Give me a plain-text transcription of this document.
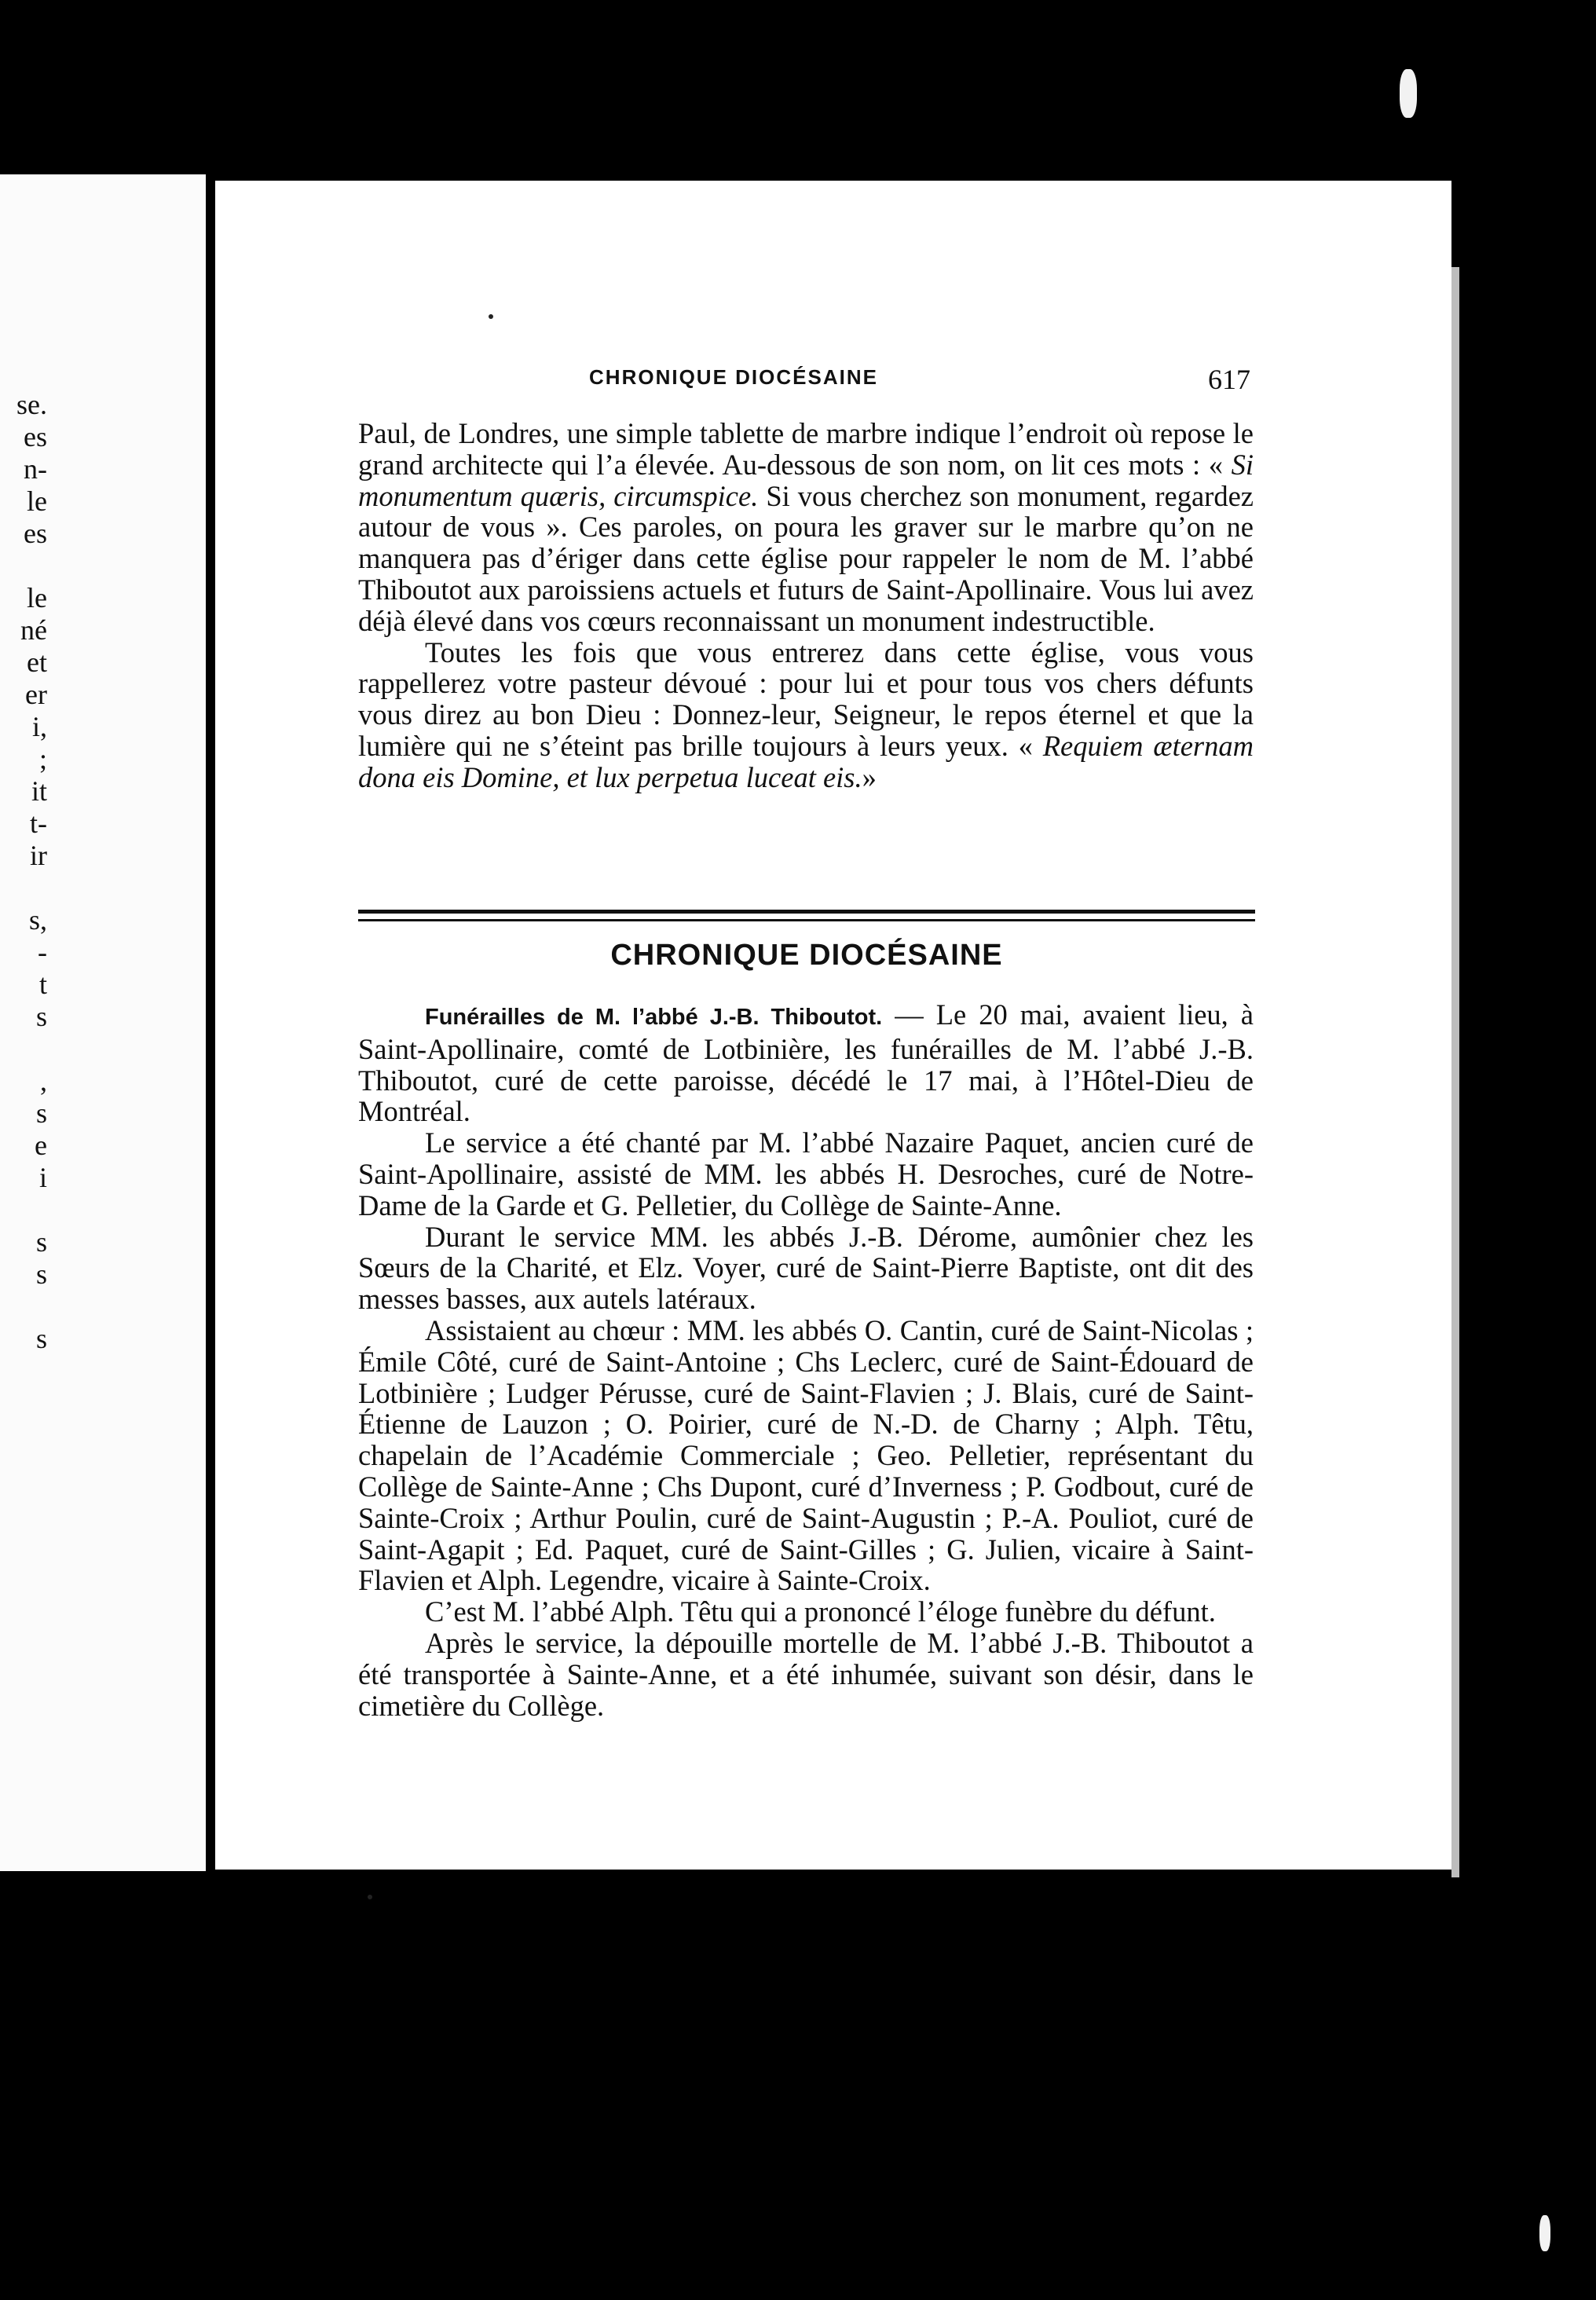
se.
es
n-
le
es
le
né
et
er
i,
;
it
t-
ir
s,
-
t
s
,
s
e
i
s
s
s
CHRONIQUE DIOCÉSAINE	617

Paul, de Londres, une simple tablette de marbre indique l’endroit où repose le grand architecte qui l’a élevée. Au-dessous de son nom, on lit ces mots : « Si monumentum quæris, circumspice. Si vous cherchez son monument, regardez autour de vous ». Ces paroles, on poura les graver sur le marbre qu’on ne manquera pas d’ériger dans cette église pour rappeler le nom de M. l’abbé Thiboutot aux paroissiens actuels et futurs de Saint-Apollinaire. Vous lui avez déjà élevé dans vos cœurs reconnaissant un monument indestructible.

Toutes les fois que vous entrerez dans cette église, vous vous rappellerez votre pasteur dévoué : pour lui et pour tous vos chers défunts vous direz au bon Dieu : Donnez-leur, Seigneur, le repos éternel et que la lumière qui ne s’éteint pas brille toujours à leurs yeux. « Requiem æternam dona eis Domine, et lux perpetua luceat eis.»

CHRONIQUE DIOCÉSAINE

Funérailles de M. l’abbé J.-B. Thiboutot. — Le 20 mai, avaient lieu, à Saint-Apollinaire, comté de Lotbinière, les funérailles de M. l’abbé J.-B. Thiboutot, curé de cette paroisse, décédé le 17 mai, à l’Hôtel-Dieu de Montréal.

Le service a été chanté par M. l’abbé Nazaire Paquet, ancien curé de Saint-Apollinaire, assisté de MM. les abbés H. Desroches, curé de Notre-Dame de la Garde et G. Pelletier, du Collège de Sainte-Anne.

Durant le service MM. les abbés J.-B. Dérome, aumônier chez les Sœurs de la Charité, et Elz. Voyer, curé de Saint-Pierre Baptiste, ont dit des messes basses, aux autels latéraux.

Assistaient au chœur : MM. les abbés O. Cantin, curé de Saint-Nicolas ; Émile Côté, curé de Saint-Antoine ; Chs Leclerc, curé de Saint-Édouard de Lotbinière ; Ludger Pérusse, curé de Saint-Flavien ; J. Blais, curé de Saint-Étienne de Lauzon ; O. Poirier, curé de N.-D. de Charny ; Alph. Têtu, chapelain de l’Académie Commerciale ; Geo. Pelletier, représentant du Collège de Sainte-Anne ; Chs Dupont, curé d’Inverness ; P. Godbout, curé de Sainte-Croix ; Arthur Poulin, curé de Saint-Augustin ; P.-A. Pouliot, curé de Saint-Agapit ; Ed. Paquet, curé de Saint-Gilles ; G. Julien, vicaire à Saint-Flavien et Alph. Legendre, vicaire à Sainte-Croix.

C’est M. l’abbé Alph. Têtu qui a prononcé l’éloge funèbre du défunt.

Après le service, la dépouille mortelle de M. l’abbé J.-B. Thiboutot a été transportée à Sainte-Anne, et a été inhumée, suivant son désir, dans le cimetière du Collège.
